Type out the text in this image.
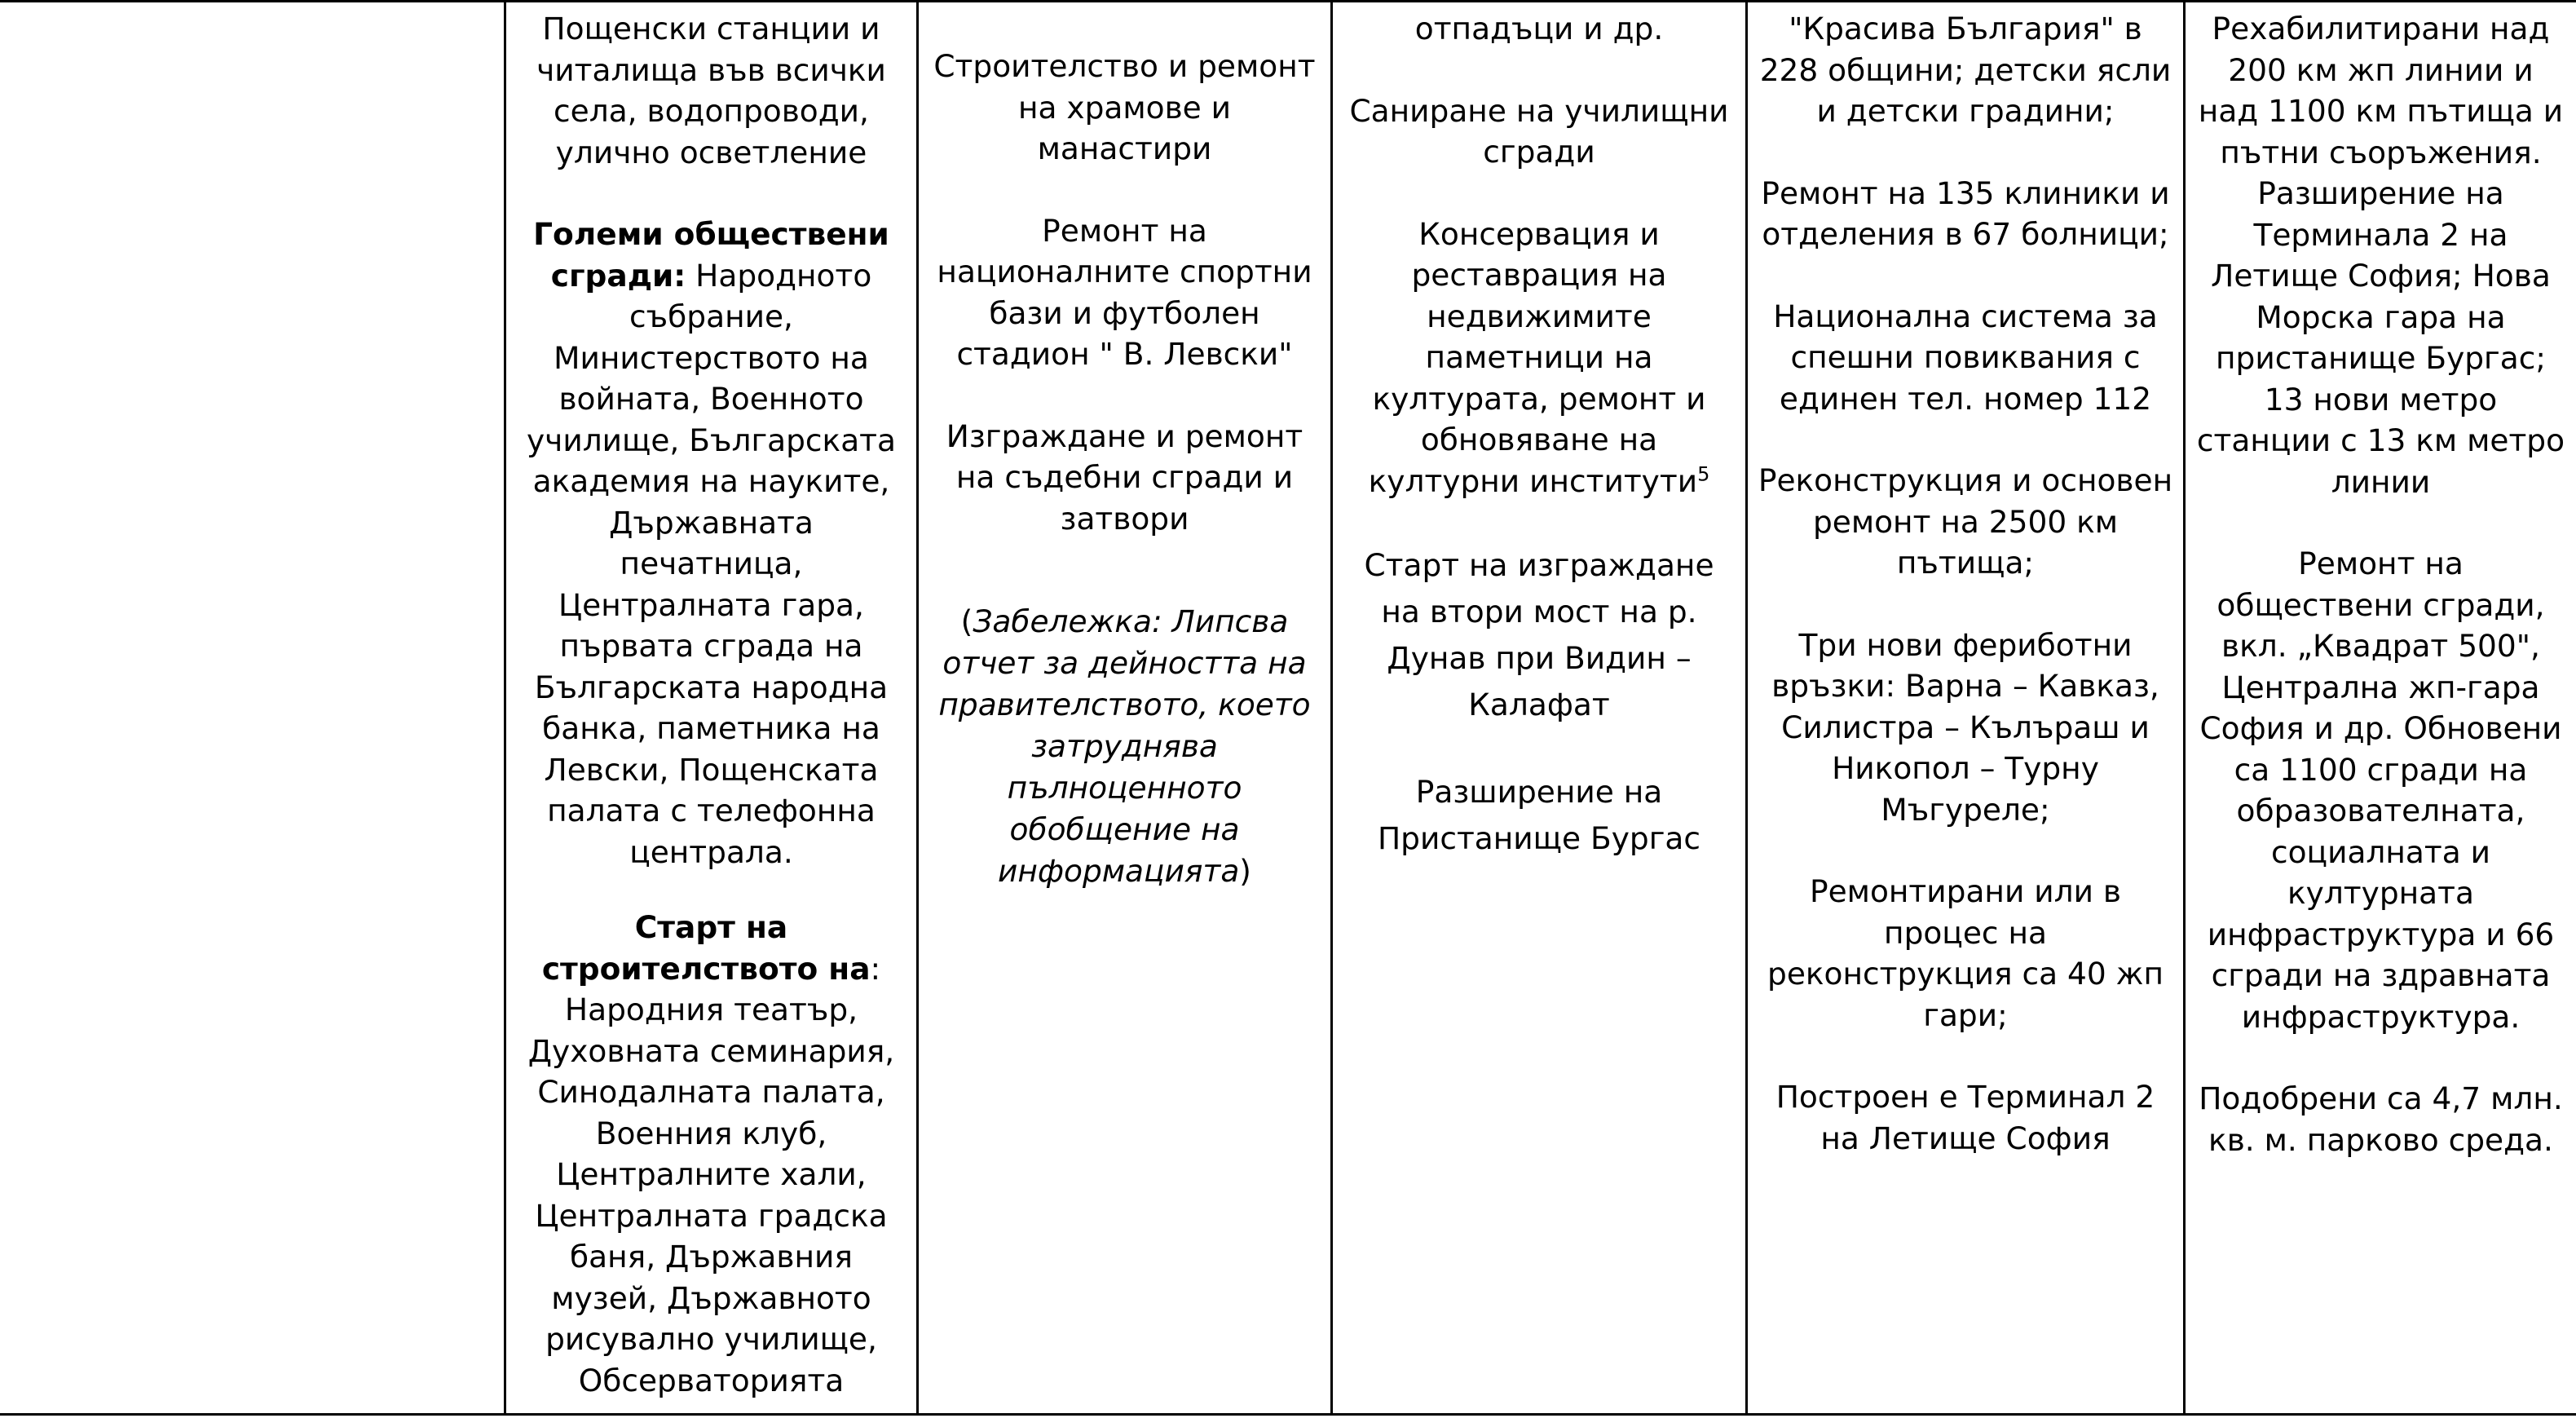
Пощенски станции и читалища във всички села, водопроводи, улично осветление

Големи обществени сгради: Народното събрание, Министерството на войната, Военното училище, Българската академия на науките, Държавната печатница, Централната гара, първата сграда на Българската народна банка, паметника на Левски, Пощенската палата с телефонна централа.

Старт на строителството на: Народния театър, Духовната семинария, Синодалната палата, Военния клуб, Централните хали, Централната градска баня, Държавния музей, Държавното рисувално училище, Обсерваторията

Строителство и ремонт на храмове и манастири

Ремонт на националните спортни бази и футболен стадион " В. Левски"

Изграждане и ремонт на съдебни сгради и затвори

(Забележка: Липсва отчет за дейността на правителството, което затруднява пълноценното обобщение на информацията)

отпадъци и др.

Саниране на училищни сгради

Консервация и реставрация на недвижимите паметници на културата, ремонт и обновяване на културни институти$^5$

Старт на изграждане на втори мост на р. Дунав при Видин – Калафат

Разширение на Пристанище Бургас

"Красива България" в 228 общини; детски ясли и детски градини;

Ремонт на 135 клиники и отделения в 67 болници;

Национална система за спешни повиквания с единен тел. номер 112

Реконструкция и основен ремонт на 2500 км пътища;

Три нови фериботни връзки: Варна – Кавказ, Силистра – Кълъраш и Никопол – Турну Мъгуреле;

Ремонтирани или в процес на реконструкция са 40 жп гари;

Построен е Терминал 2 на Летище София

Рехабилитирани над 200 км жп линии и над 1100 км пътища и пътни съоръжения. Разширение на Терминала 2 на Летище София; Нова Морска гара на пристанище Бургас; 13 нови метро станции с 13 км метро линии

Ремонт на обществени сгради, вкл. „Квадрат 500", Централна жп-гара София и др. Обновени са 1100 сгради на образователната, социалната и културната инфраструктура и 66 сгради на здравната инфраструктура.

Подобрени са 4,7 млн. кв. м. парково среда.
